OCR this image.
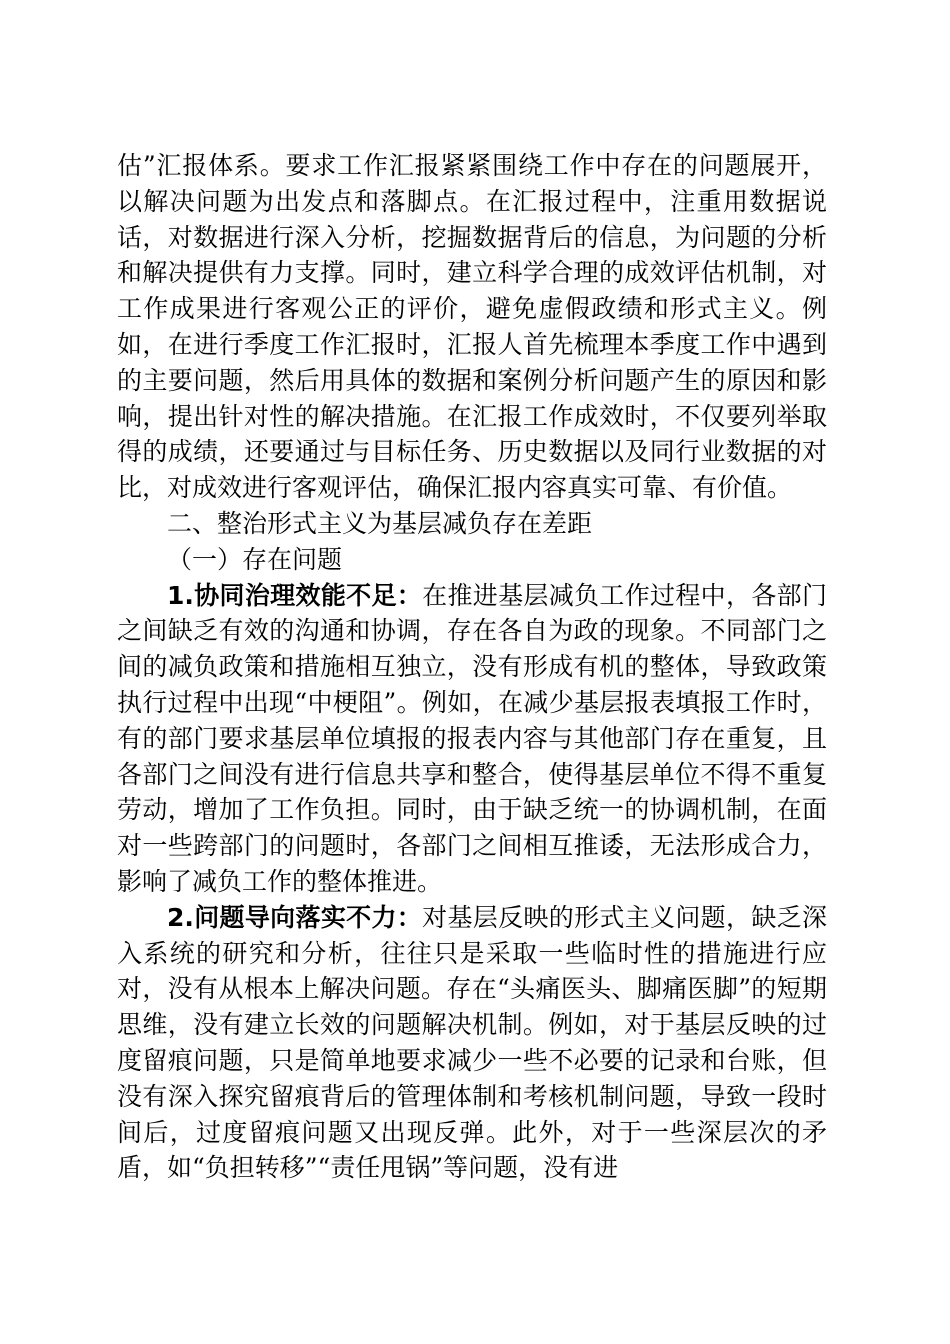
估”汇报体系。要求工作汇报紧紧围绕工作中存在的问题展开，以解决问题为出发点和落脚点。在汇报过程中，注重用数据说话，对数据进行深入分析，挖掘数据背后的信息，为问题的分析和解决提供有力支撑。同时，建立科学合理的成效评估机制，对工作成果进行客观公正的评价，避免虚假政绩和形式主义。例如，在进行季度工作汇报时，汇报人首先梳理本季度工作中遇到的主要问题，然后用具体的数据和案例分析问题产生的原因和影响，提出针对性的解决措施。在汇报工作成效时，不仅要列举取得的成绩，还要通过与目标任务、历史数据以及同行业数据的对比，对成效进行客观评估，确保汇报内容真实可靠、有价值。

二、整治形式主义为基层减负存在差距

（一）存在问题

1.协同治理效能不足：在推进基层减负工作过程中，各部门之间缺乏有效的沟通和协调，存在各自为政的现象。不同部门之间的减负政策和措施相互独立，没有形成有机的整体，导致政策执行过程中出现“中梗阻”。例如，在减少基层报表填报工作时，有的部门要求基层单位填报的报表内容与其他部门存在重复，且各部门之间没有进行信息共享和整合，使得基层单位不得不重复劳动，增加了工作负担。同时，由于缺乏统一的协调机制，在面对一些跨部门的问题时，各部门之间相互推诿，无法形成合力，影响了减负工作的整体推进。

2.问题导向落实不力：对基层反映的形式主义问题，缺乏深入系统的研究和分析，往往只是采取一些临时性的措施进行应对，没有从根本上解决问题。存在“头痛医头、脚痛医脚”的短期思维，没有建立长效的问题解决机制。例如，对于基层反映的过度留痕问题，只是简单地要求减少一些不必要的记录和台账，但没有深入探究留痕背后的管理体制和考核机制问题，导致一段时间后，过度留痕问题又出现反弹。此外，对于一些深层次的矛盾，如“负担转移”“责任甩锅”等问题，没有进
